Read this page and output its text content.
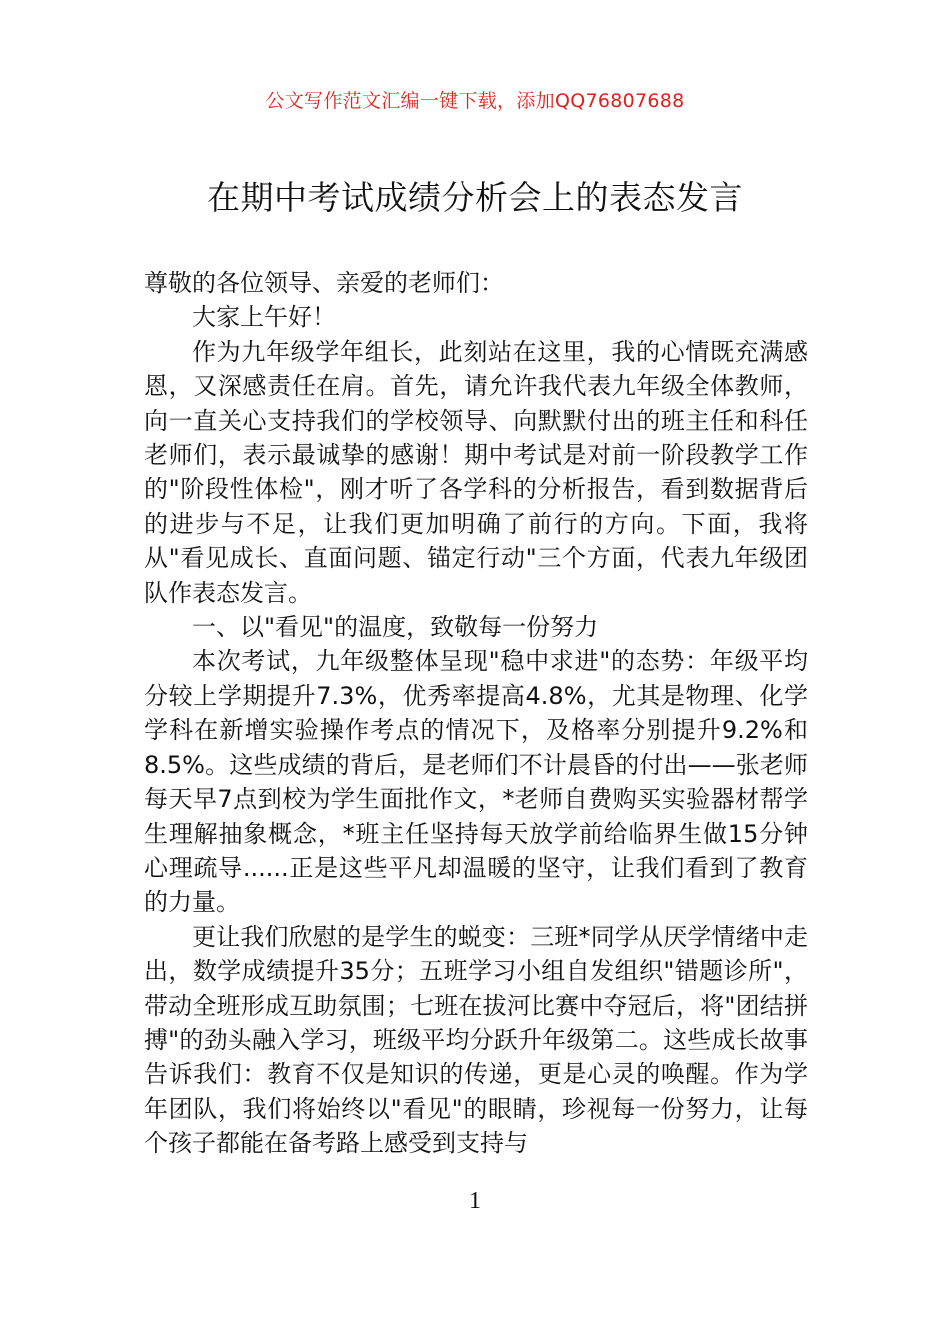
公文写作范文汇编一键下载，添加QQ76807688
在期中考试成绩分析会上的表态发言

尊敬的各位领导、亲爱的老师们：

大家上午好！

作为九年级学年组长，此刻站在这里，我的心情既充满感恩，又深感责任在肩。首先，请允许我代表九年级全体教师，向一直关心支持我们的学校领导、向默默付出的班主任和科任老师们，表示最诚挚的感谢！期中考试是对前一阶段教学工作的"阶段性体检"，刚才听了各学科的分析报告，看到数据背后的进步与不足，让我们更加明确了前行的方向。下面，我将从"看见成长、直面问题、锚定行动"三个方面，代表九年级团队作表态发言。

一、以"看见"的温度，致敬每一份努力

本次考试，九年级整体呈现"稳中求进"的态势：年级平均分较上学期提升7.3%，优秀率提高4.8%，尤其是物理、化学学科在新增实验操作考点的情况下，及格率分别提升9.2%和8.5%。这些成绩的背后，是老师们不计晨昏的付出——张老师每天早7点到校为学生面批作文，*老师自费购买实验器材帮学生理解抽象概念，*班主任坚持每天放学前给临界生做15分钟心理疏导......正是这些平凡却温暖的坚守，让我们看到了教育的力量。

更让我们欣慰的是学生的蜕变：三班*同学从厌学情绪中走出，数学成绩提升35分；五班学习小组自发组织"错题诊所"，带动全班形成互助氛围；七班在拔河比赛中夺冠后，将"团结拼搏"的劲头融入学习，班级平均分跃升年级第二。这些成长故事告诉我们：教育不仅是知识的传递，更是心灵的唤醒。作为学年团队，我们将始终以"看见"的眼睛，珍视每一份努力，让每个孩子都能在备考路上感受到支持与

1
